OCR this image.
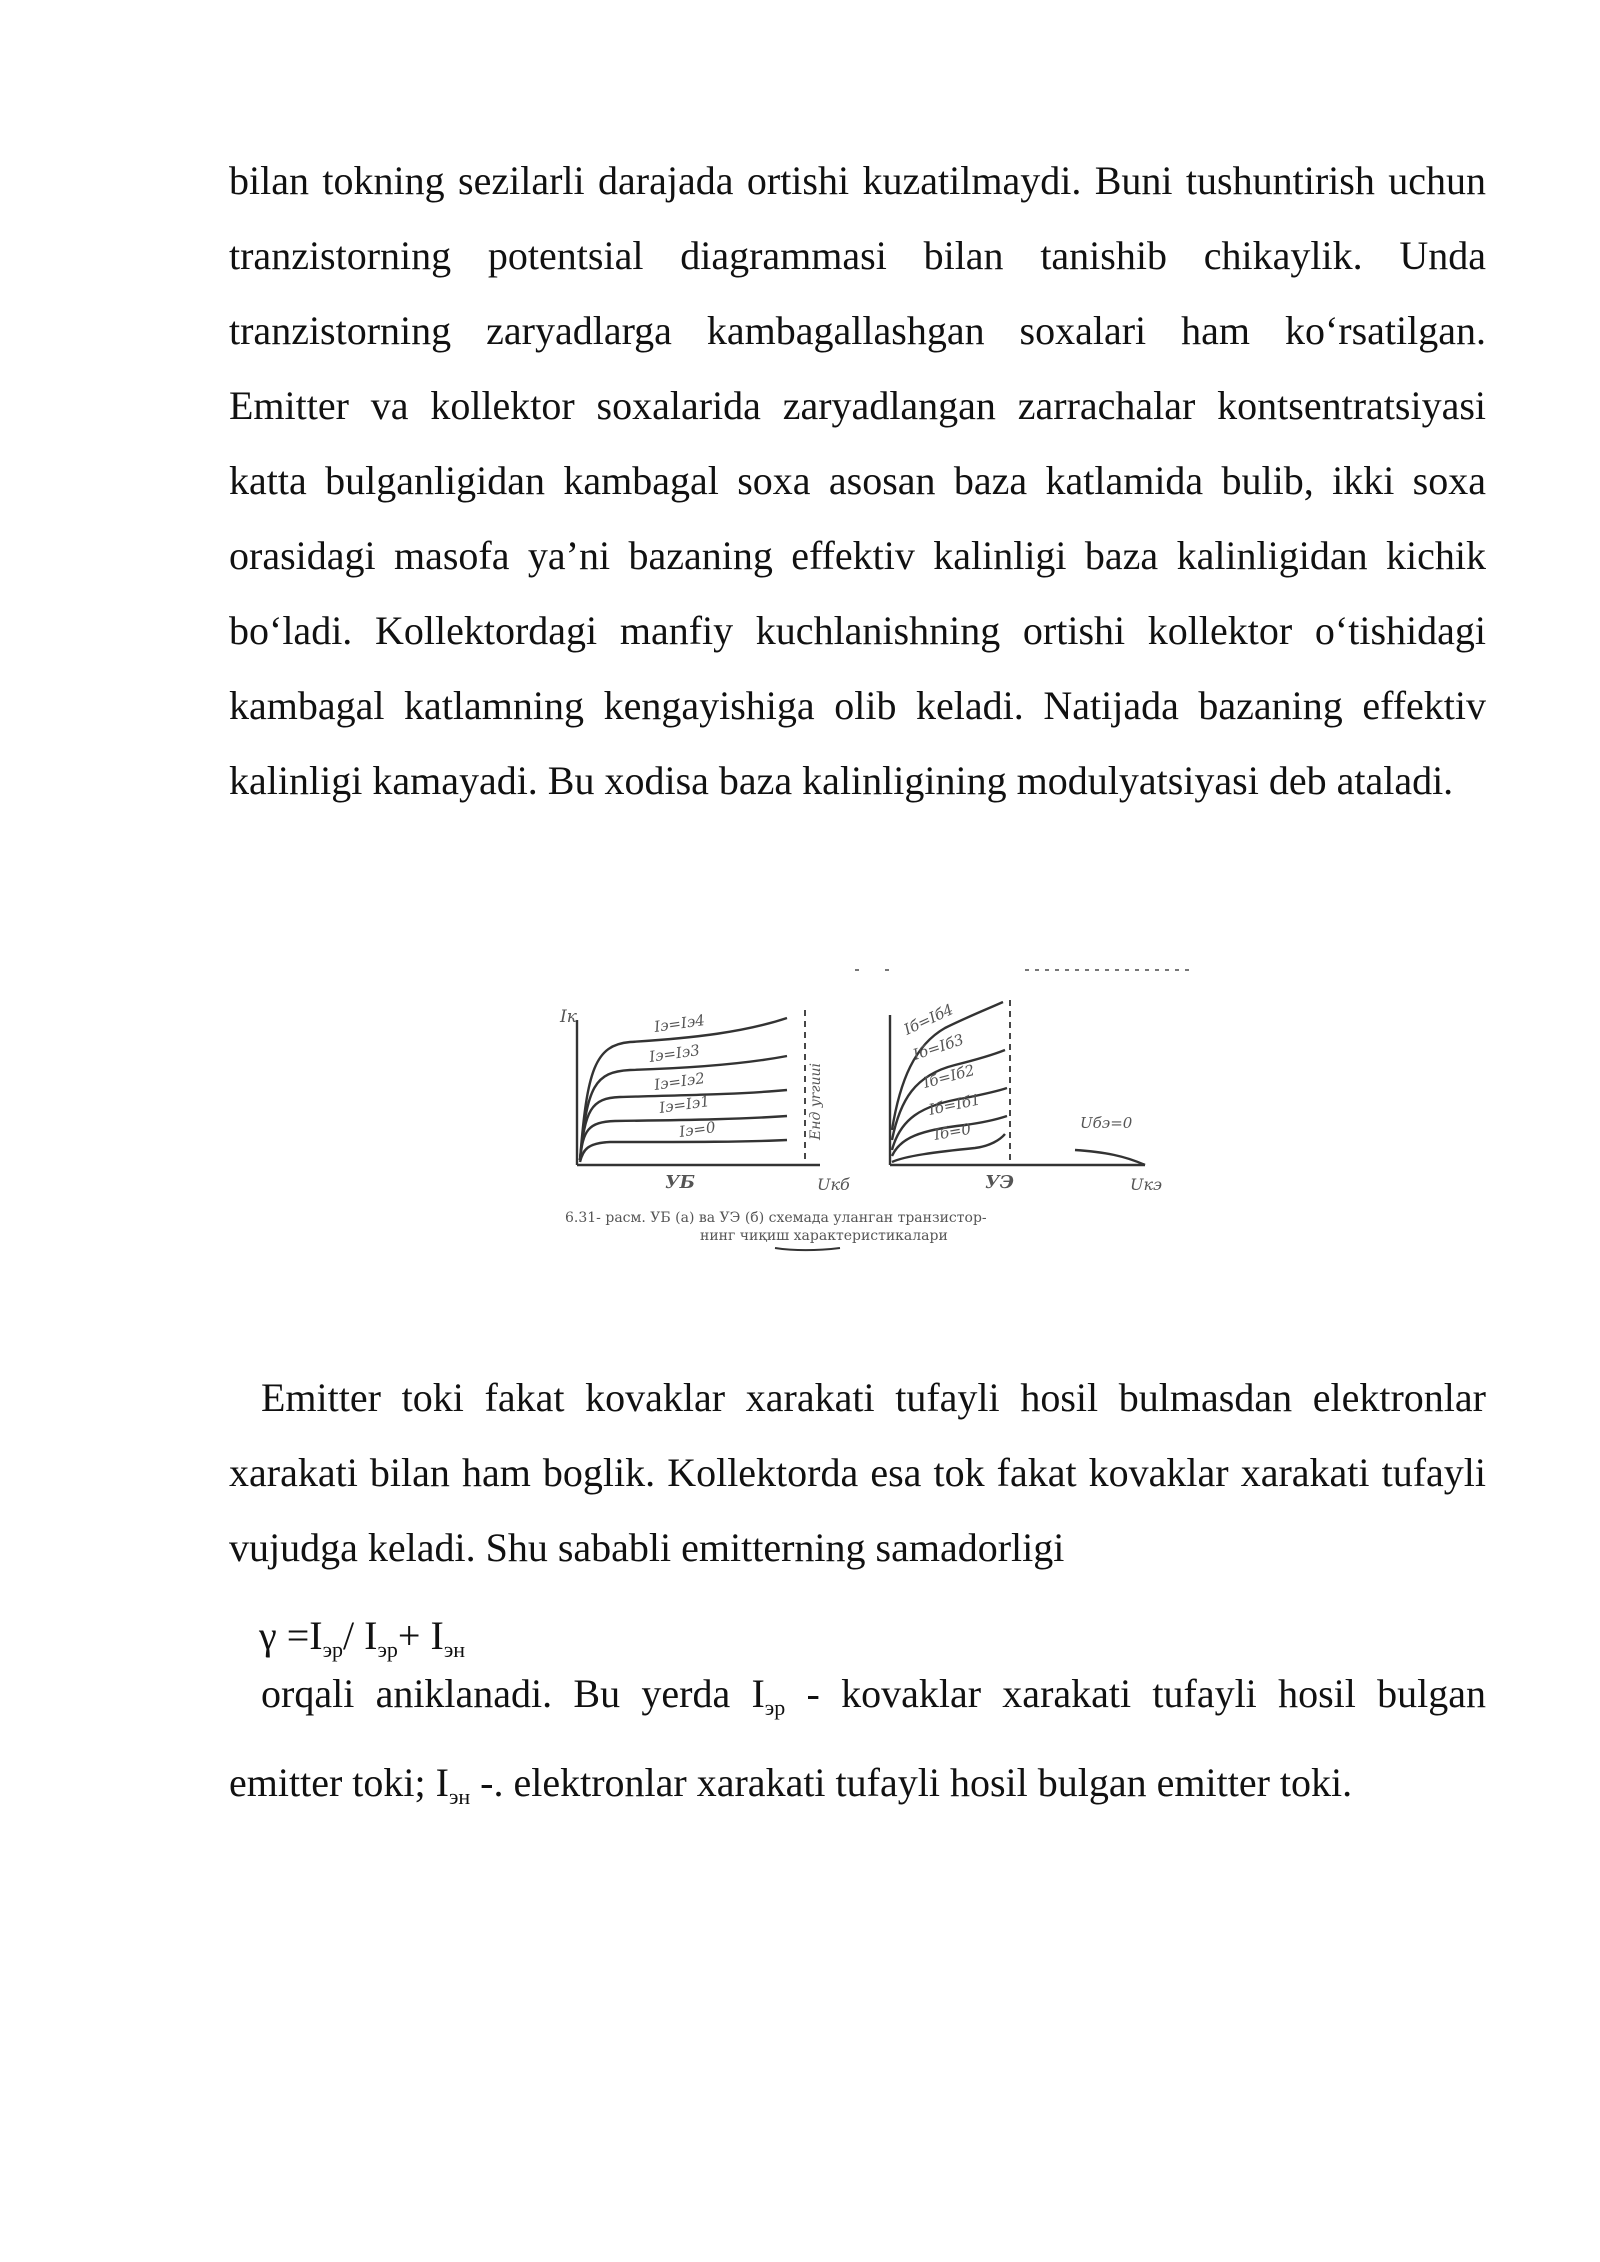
bilan tokning sezilarli darajada ortishi kuzatilmaydi. Buni tushuntirish uchun tranzistorning potentsial diagrammasi bilan tanishib chikaylik. Unda tranzistorning zaryadlarga kambagallashgan soxalari ham ko‘rsatilgan. Emitter va kollektor soxalarida zaryadlangan zarrachalar kontsentratsiyasi katta bulganligidan kambagal soxa asosan baza katlamida bulib, ikki soxa orasidagi masofa ya’ni bazaning effektiv kalinligi baza kalinligidan kichik bo‘ladi. Kollektordagi manfiy kuchlanishning ortishi kollektor o‘tishidagi kambagal katlamning kengayishiga olib keladi. Natijada bazaning effektiv kalinligi kamayadi. Bu xodisa baza kalinligining modulyatsiyasi deb ataladi.

Iк	Iэ=Iэ4
Iэ=Iэ3
Iэ=Iэ2
Iэ=Iэ1
Iэ=0	Eнд yrгuui
УБ	Uкб
Iб=Iб4
Iб=Iб3
Iб=Iб2
Iб=Iб1
Iб=0	Uбэ=0
УЭ	Uкэ
6.31- расм. УБ (а) ва УЭ (б) схемада уланган транзистор-
нинг чиқиш характеристикалари

Emitter toki fakat kovaklar xarakati tufayli hosil bulmasdan elektronlar xarakati bilan ham boglik. Kollektorda esa tok fakat kovaklar xarakati tufayli vujudga keladi. Shu sababli emitterning samadorligi

$\gamma =I_{эр}/$ $I_{эр}+ I_{эн}$

orqali aniklanadi. Bu yerda $I_{эр}$ - kovaklar xarakati tufayli hosil bulgan emitter toki; $I_{эн}$ -. elektronlar xarakati tufayli hosil bulgan emitter toki.
